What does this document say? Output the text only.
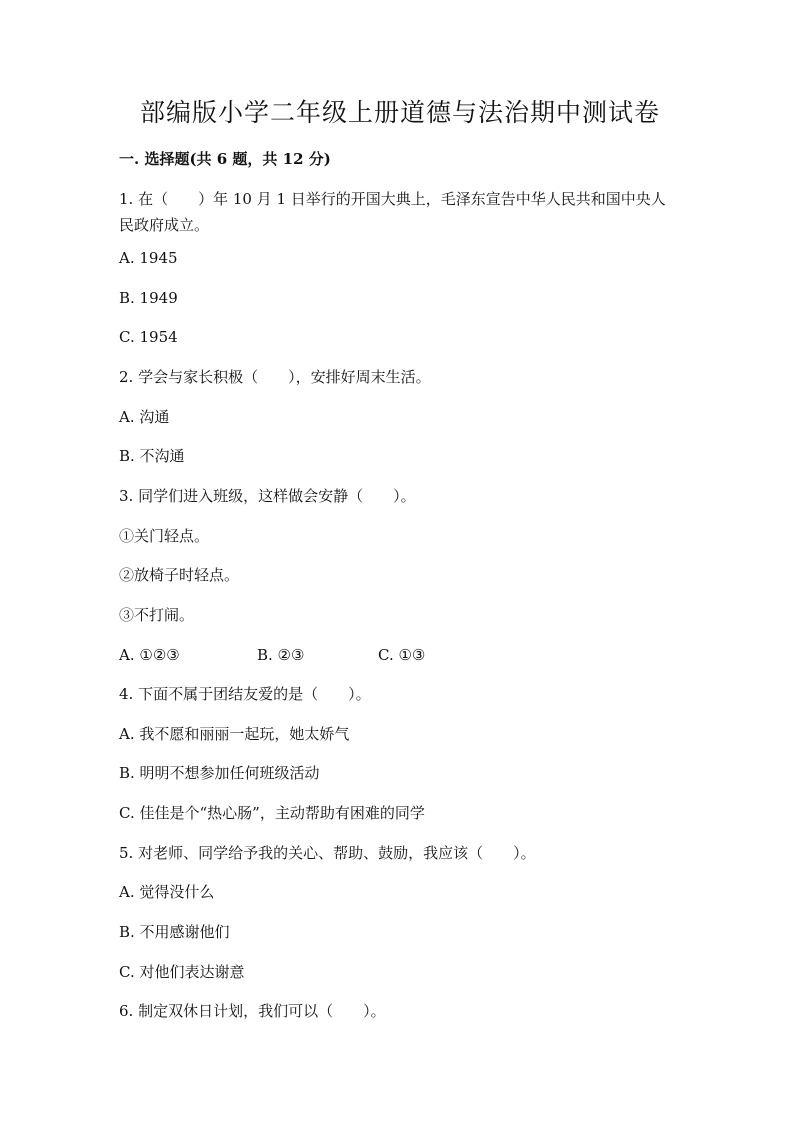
部编版小学二年级上册道德与法治期中测试卷
一. 选择题(共 6 题，共 12 分)
1. 在（　　）年 10 月 1 日举行的开国大典上，毛泽东宣告中华人民共和国中央人民政府成立。
A. 1945
B. 1949
C. 1954
2. 学会与家长积极（　　），安排好周末生活。
A. 沟通
B. 不沟通
3. 同学们进入班级，这样做会安静（　　）。
①关门轻点。
②放椅子时轻点。
③不打闹。

A. ①②③

	B. ②③

	C. ①③

4. 下面不属于团结友爱的是（　　）。
A. 我不愿和丽丽一起玩，她太娇气
B. 明明不想参加任何班级活动
C. 佳佳是个“热心肠”，主动帮助有困难的同学
5. 对老师、同学给予我的关心、帮助、鼓励，我应该（　　）。
A. 觉得没什么
B. 不用感谢他们
C. 对他们表达谢意
6. 制定双休日计划，我们可以（　　）。
